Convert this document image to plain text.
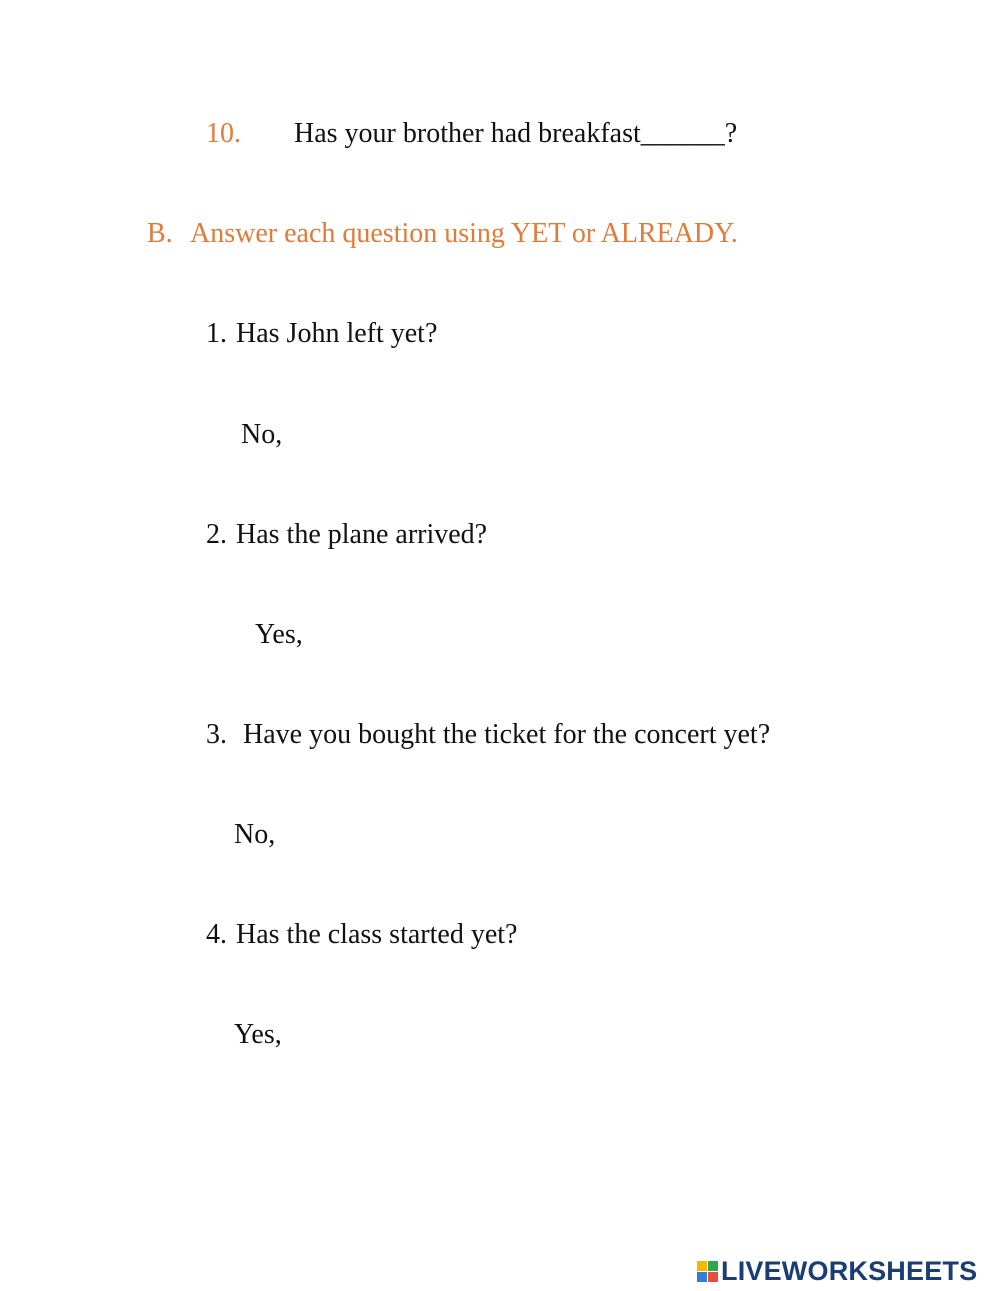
10. Has your brother had breakfast______?
B. Answer each question using YET or ALREADY.
1. Has John left yet?
No,
2. Has the plane arrived?
Yes,
3. Have you bought the ticket for the concert yet?
No,
4. Has the class started yet?
Yes,
LIVEWORKSHEETS
